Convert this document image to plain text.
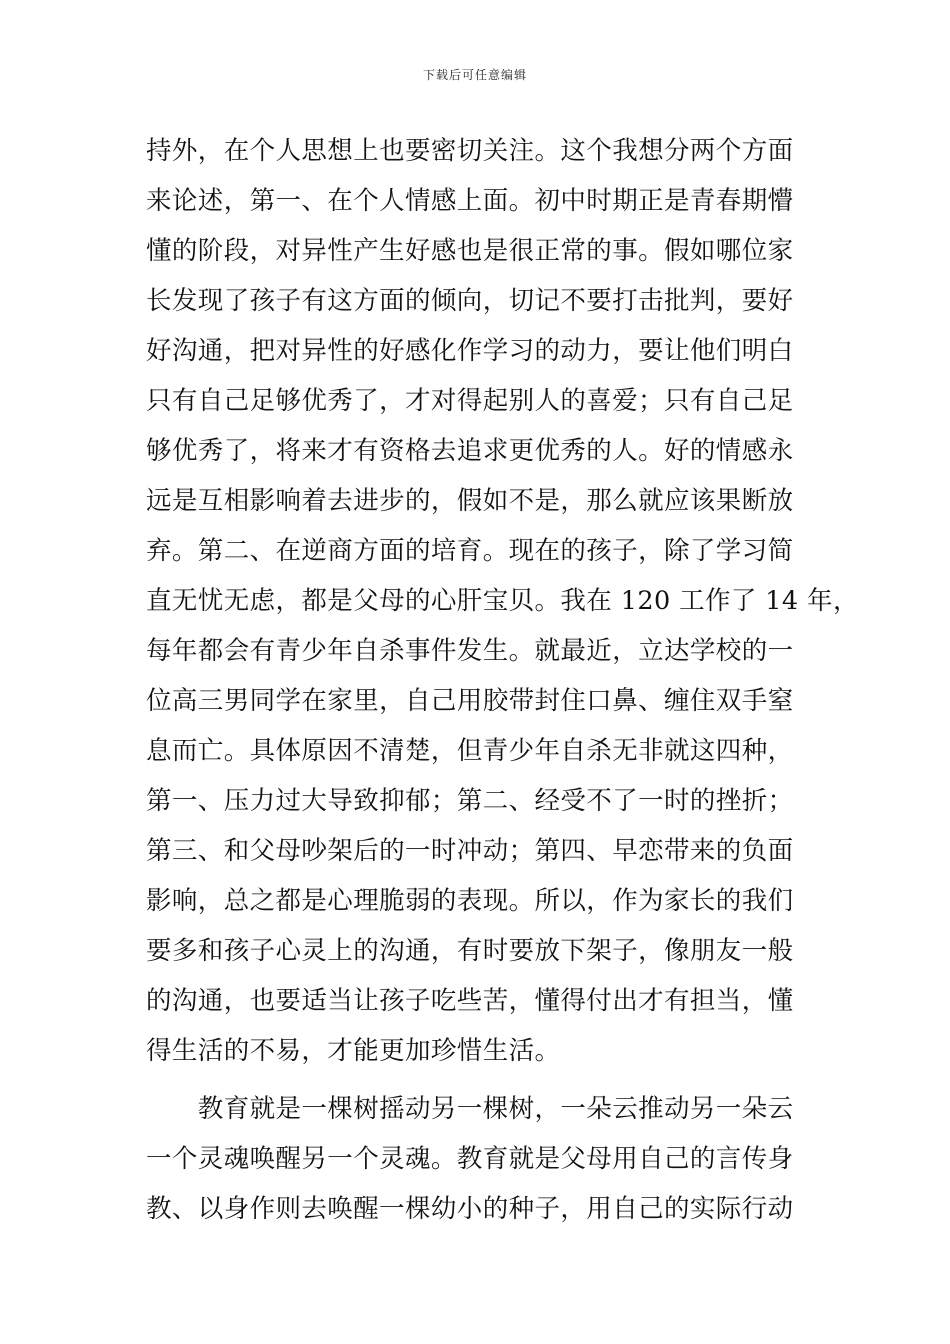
下载后可任意编辑
持外，在个人思想上也要密切关注。这个我想分两个方面
来论述，第一、在个人情感上面。初中时期正是青春期懵
懂的阶段，对异性产生好感也是很正常的事。假如哪位家
长发现了孩子有这方面的倾向，切记不要打击批判，要好
好沟通，把对异性的好感化作学习的动力，要让他们明白
只有自己足够优秀了，才对得起别人的喜爱；只有自己足
够优秀了，将来才有资格去追求更优秀的人。好的情感永
远是互相影响着去进步的，假如不是，那么就应该果断放
弃。第二、在逆商方面的培育。现在的孩子，除了学习简
直无忧无虑，都是父母的心肝宝贝。我在 120 工作了 14 年，
每年都会有青少年自杀事件发生。就最近，立达学校的一
位高三男同学在家里，自己用胶带封住口鼻、缠住双手窒
息而亡。具体原因不清楚，但青少年自杀无非就这四种，
第一、压力过大导致抑郁；第二、经受不了一时的挫折；
第三、和父母吵架后的一时冲动；第四、早恋带来的负面
影响，总之都是心理脆弱的表现。所以，作为家长的我们
要多和孩子心灵上的沟通，有时要放下架子，像朋友一般
的沟通，也要适当让孩子吃些苦，懂得付出才有担当，懂
得生活的不易，才能更加珍惜生活。
　　教育就是一棵树摇动另一棵树，一朵云推动另一朵云
一个灵魂唤醒另一个灵魂。教育就是父母用自己的言传身
教、以身作则去唤醒一棵幼小的种子，用自己的实际行动
